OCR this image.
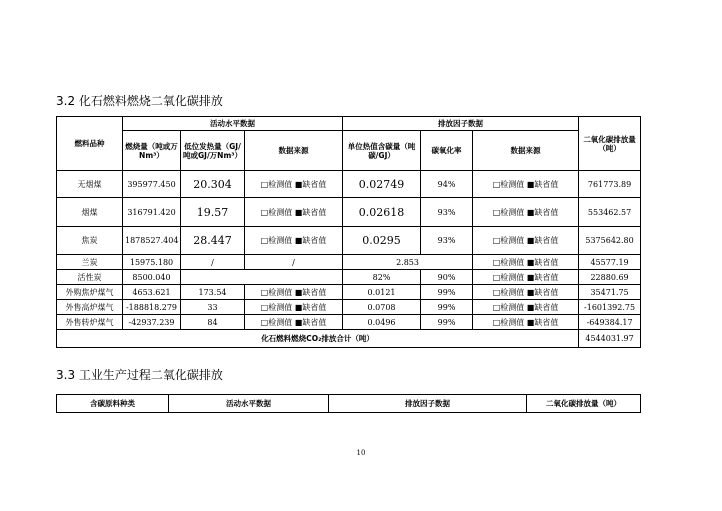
3.2 化石燃料燃烧二氧化碳排放
燃料品种	活动水平数据			排放因子数据			二氧化碳排放量（吨）
	燃烧量（吨或万Nm³）	低位发热量（GJ/吨或GJ/万Nm³）	数据来源	单位热值含碳量（吨碳/GJ）	碳氧化率	数据来源	
无烟煤	395977.450	20.304	□检测值 ■缺省值	0.02749	94%	□检测值 ■缺省值	761773.89
烟煤	316791.420	19.57	□检测值 ■缺省值	0.02618	93%	□检测值 ■缺省值	553462.57
焦炭	1878527.404	28.447	□检测值 ■缺省值	0.0295	93%	□检测值 ■缺省值	5375642.80
兰炭	15975.180	/	/	2.853		□检测值 ■缺省值	45577.19
活性炭	8500.040			82%	90%	□检测值 ■缺省值	22880.69
外购焦炉煤气	4653.621	173.54	□检测值 ■缺省值	0.0121	99%	□检测值 ■缺省值	35471.75
外售高炉煤气	-188818.279	33	□检测值 ■缺省值	0.0708	99%	□检测值 ■缺省值	-1601392.75
外售转炉煤气	-42937.239	84	□检测值 ■缺省值	0.0496	99%	□检测值 ■缺省值	-649384.17
化石燃料燃烧CO₂排放合计（吨）							4544031.97
3.3 工业生产过程二氧化碳排放
含碳原料种类	活动水平数据	排放因子数据	二氧化碳排放量（吨）
10
